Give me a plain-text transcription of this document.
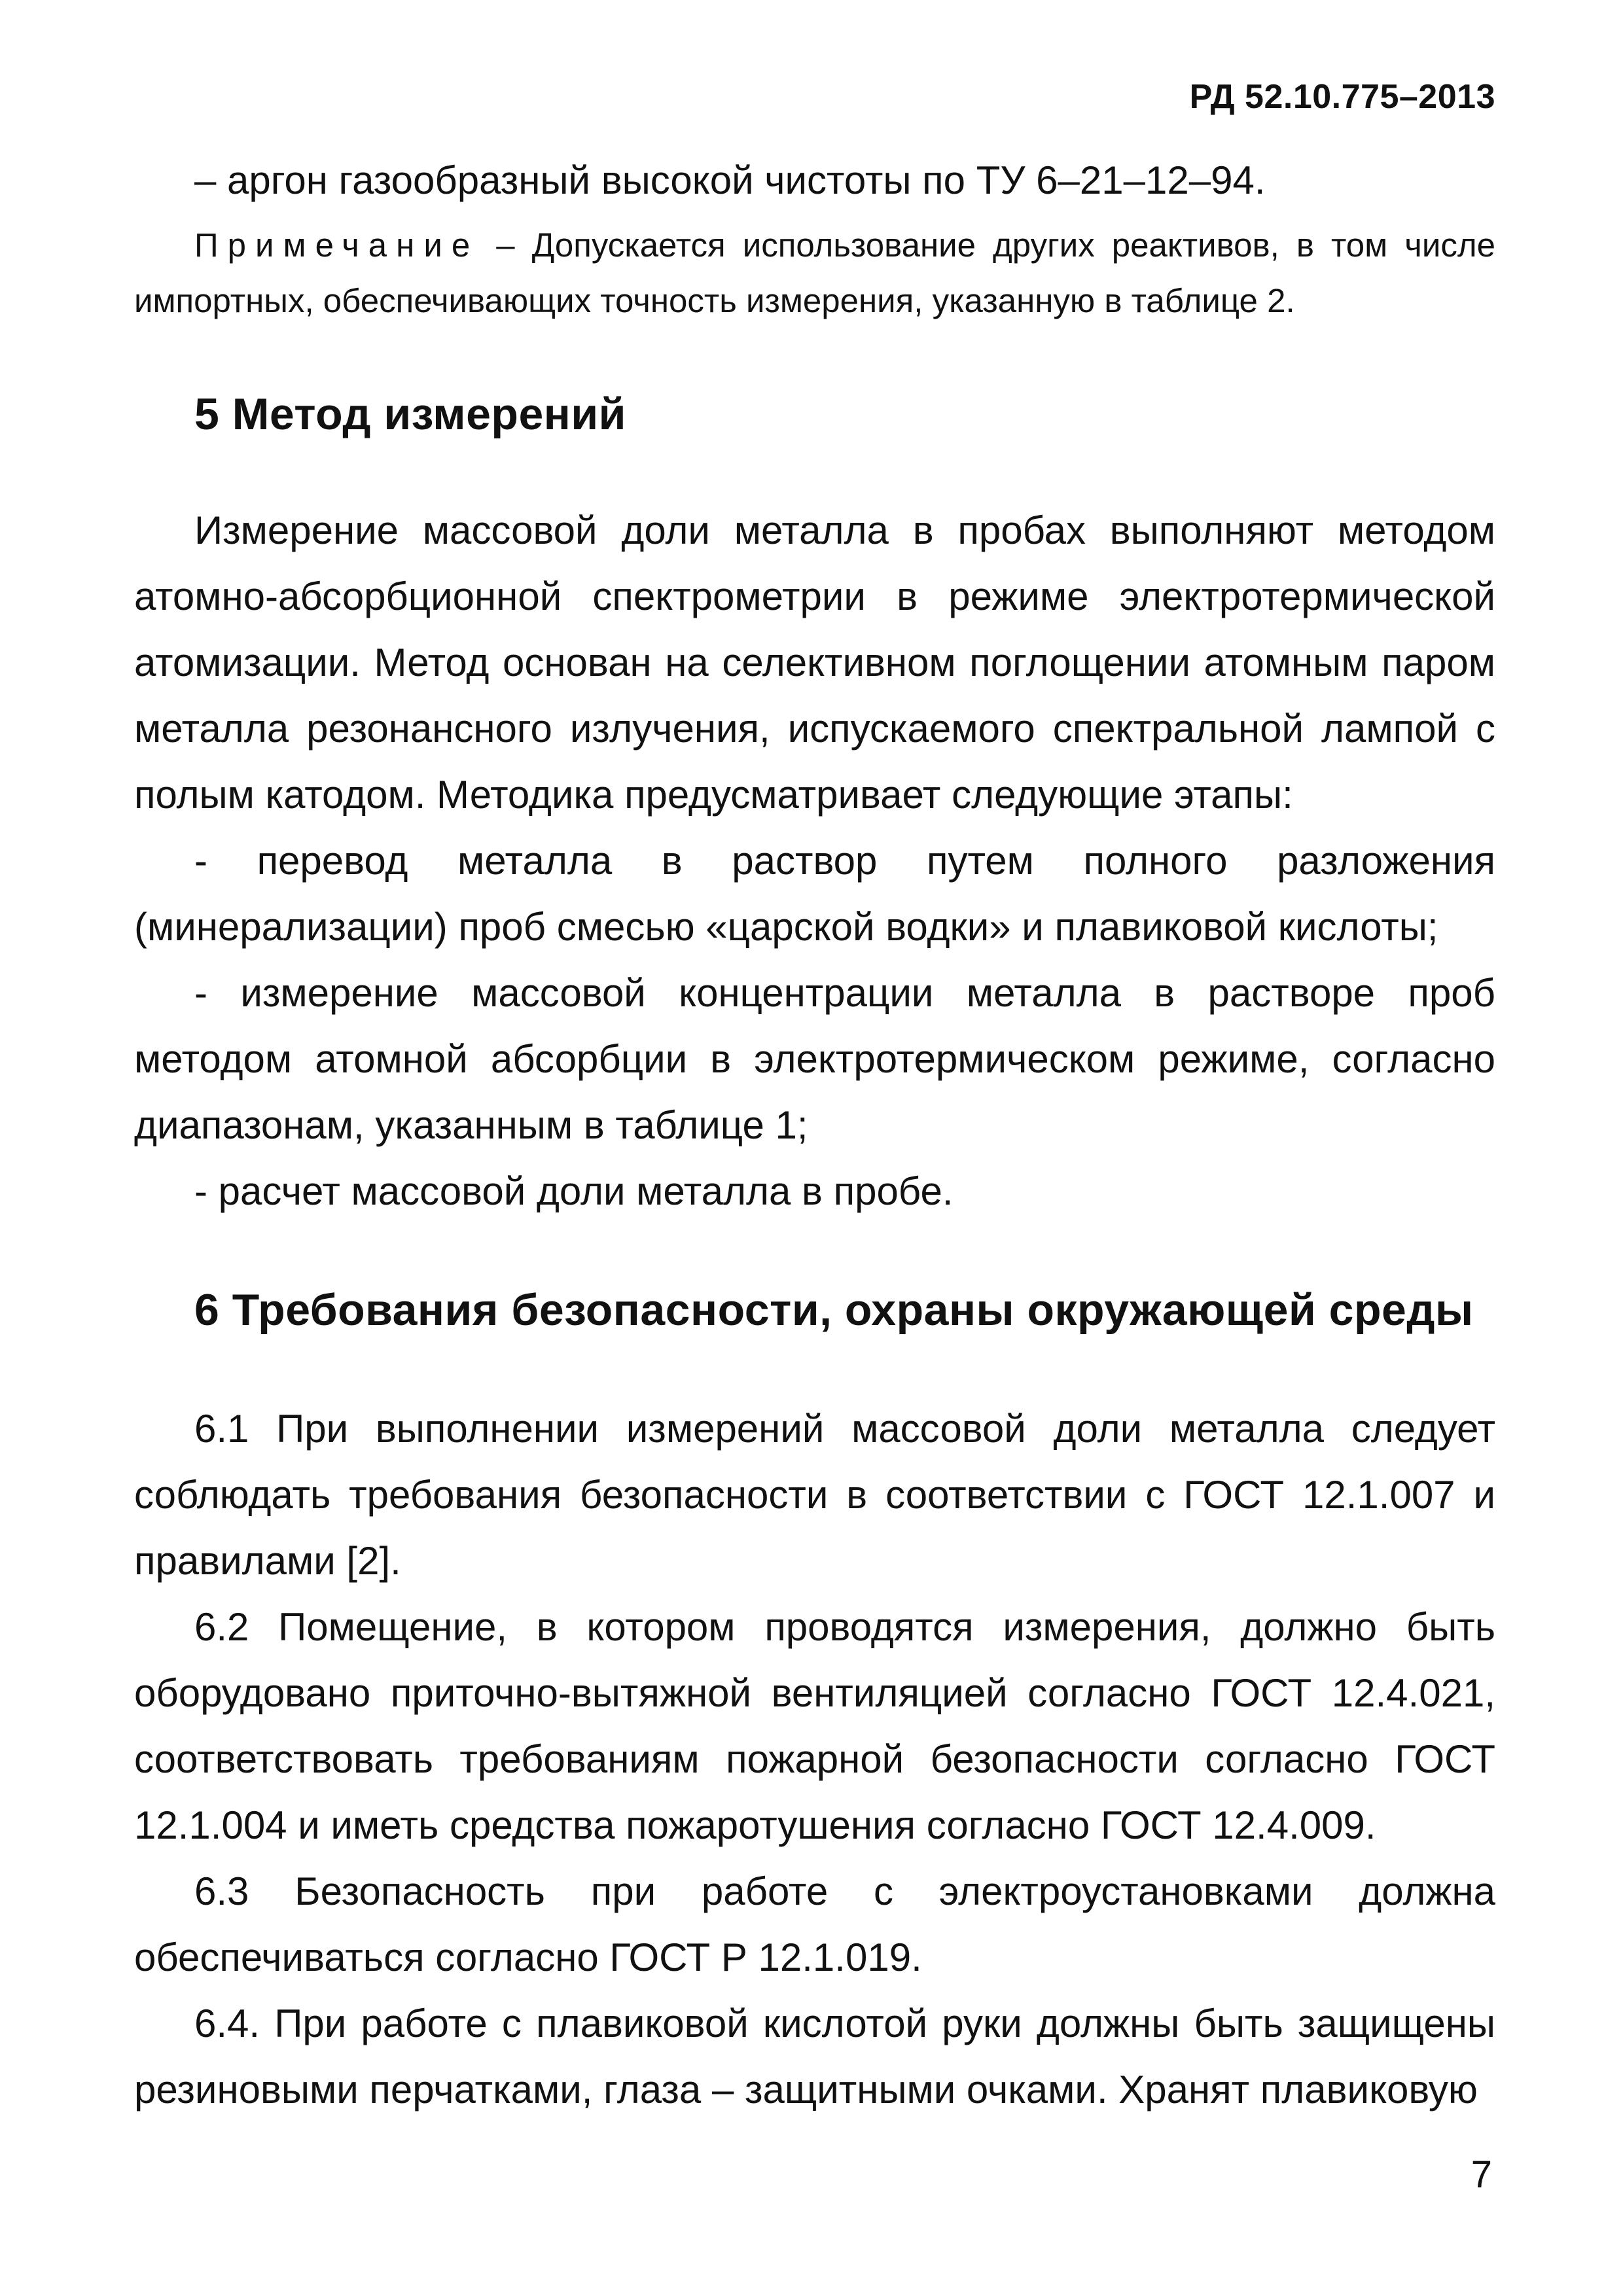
РД 52.10.775–2013

– аргон газообразный высокой чистоты по ТУ 6–21–12–94.

Примечание – Допускается использование других реактивов, в том числе импортных, обеспечивающих точность измерения, указанную в таблице 2.

5 Метод измерений

Измерение массовой доли металла в пробах выполняют методом атомно-абсорбционной спектрометрии в режиме электротермической атомизации. Метод основан на селективном поглощении атомным паром металла резонансного излучения, испускаемого спектральной лампой с полым катодом. Методика предусматривает следующие этапы:

- перевод металла в раствор путем полного разложения (минерализации) проб смесью «царской водки» и плавиковой кислоты;

- измерение массовой концентрации металла в растворе проб методом атомной абсорбции в электротермическом режиме, согласно диапазонам, указанным в таблице 1;

- расчет массовой доли металла в пробе.

6 Требования безопасности, охраны окружающей среды

6.1 При выполнении измерений массовой доли металла следует соблюдать требования безопасности в соответствии с ГОСТ 12.1.007 и правилами [2].

6.2 Помещение, в котором проводятся измерения, должно быть оборудовано приточно-вытяжной вентиляцией согласно ГОСТ 12.4.021, соответствовать требованиям пожарной безопасности согласно ГОСТ 12.1.004 и иметь средства пожаротушения согласно ГОСТ 12.4.009.

6.3 Безопасность при работе с электроустановками должна обеспечиваться согласно ГОСТ Р 12.1.019.

6.4. При работе с плавиковой кислотой руки должны быть защищены резиновыми перчатками, глаза – защитными очками. Хранят плавиковую

7
